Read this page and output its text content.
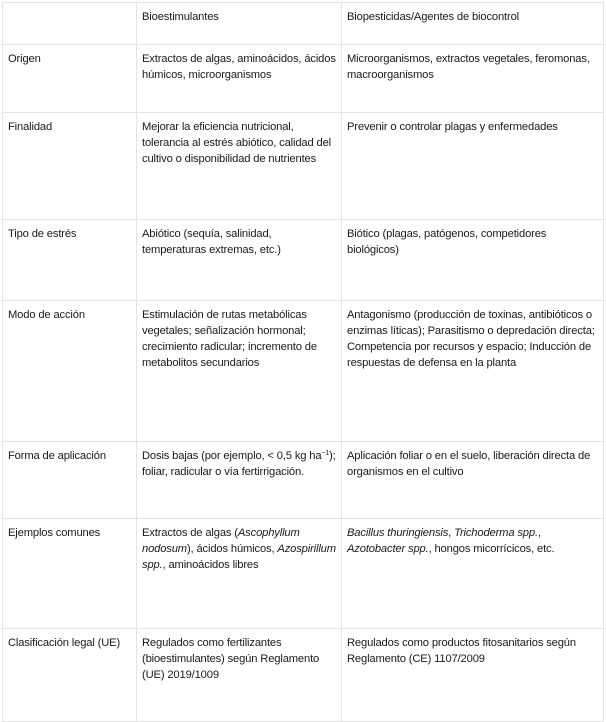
	Bioestimulantes	Biopesticidas/Agentes de biocontrol
Origen	Extractos de algas, aminoácidos, ácidos húmicos, microorganismos	Microorganismos, extractos vegetales, feromonas, macroorganismos
Finalidad	Mejorar la eficiencia nutricional, tolerancia al estrés abiótico, calidad del cultivo o disponibilidad de nutrientes	Prevenir o controlar plagas y enfermedades
Tipo de estrés	Abiótico (sequía, salinidad, temperaturas extremas, etc.)	Biótico (plagas, patógenos, competidores biológicos)
Modo de acción	Estimulación de rutas metabólicas vegetales; señalización hormonal; crecimiento radicular; incremento de metabolitos secundarios	Antagonismo (producción de toxinas, antibióticos o enzimas líticas); Parasitismo o depredación directa; Competencia por recursos y espacio; Inducción de respuestas de defensa en la planta
Forma de aplicación	Dosis bajas (por ejemplo, < 0,5 kg $ha^{-1}$); foliar, radicular o vía fertirrigación.	Aplicación foliar o en el suelo, liberación directa de organismos en el cultivo
Ejemplos comunes	Extractos de algas (Ascophyllum nodosum), ácidos húmicos, Azospirillum spp., aminoácidos libres	Bacillus thuringiensis, Trichoderma spp., Azotobacter spp., hongos micorrícicos, etc.
Clasificación legal (UE)	Regulados como fertilizantes (bioestimulantes) según Reglamento (UE) 2019/1009	Regulados como productos fitosanitarios según Reglamento (CE) 1107/2009
